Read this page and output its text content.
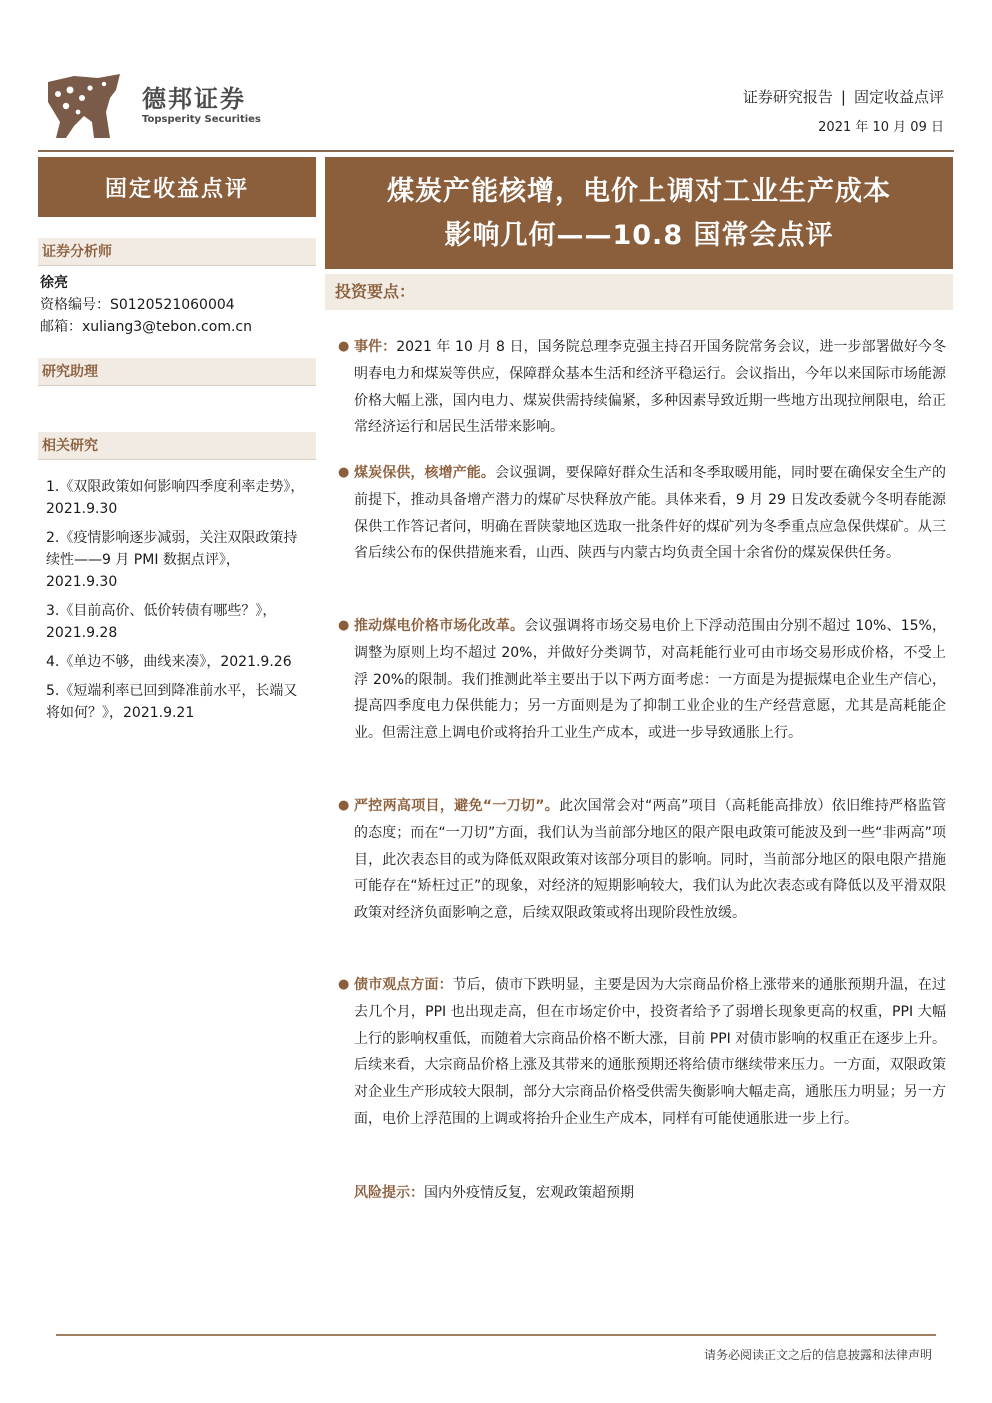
德邦证券
Topsperity Securities
证券研究报告 | 固定收益点评
2021 年 10 月 09 日
固定收益点评
证券分析师
徐亮
资格编号：S0120521060004
邮箱：xuliang3@tebon.com.cn
研究助理
相关研究
1.《双限政策如何影响四季度利率走势》，2021.9.30
2.《疫情影响逐步减弱，关注双限政策持续性——9 月 PMI 数据点评》，2021.9.30
3.《目前高价、低价转债有哪些？》，2021.9.28
4.《单边不够，曲线来凑》，2021.9.26
5.《短端利率已回到降准前水平，长端又将如何？》，2021.9.21
煤炭产能核增，电价上调对工业生产成本
影响几何——10.8 国常会点评
投资要点：
● 事件：2021 年 10 月 8 日，国务院总理李克强主持召开国务院常务会议，进一步部署做好今冬明春电力和煤炭等供应，保障群众基本生活和经济平稳运行。会议指出，今年以来国际市场能源价格大幅上涨，国内电力、煤炭供需持续偏紧，多种因素导致近期一些地方出现拉闸限电，给正常经济运行和居民生活带来影响。
● 煤炭保供，核增产能。会议强调，要保障好群众生活和冬季取暖用能，同时要在确保安全生产的前提下，推动具备增产潜力的煤矿尽快释放产能。具体来看，9 月 29 日发改委就今冬明春能源保供工作答记者问，明确在晋陕蒙地区选取一批条件好的煤矿列为冬季重点应急保供煤矿。从三省后续公布的保供措施来看，山西、陕西与内蒙古均负责全国十余省份的煤炭保供任务。
● 推动煤电价格市场化改革。会议强调将市场交易电价上下浮动范围由分别不超过 10%、15%，调整为原则上均不超过 20%，并做好分类调节，对高耗能行业可由市场交易形成价格，不受上浮 20%的限制。我们推测此举主要出于以下两方面考虑：一方面是为提振煤电企业生产信心，提高四季度电力保供能力；另一方面则是为了抑制工业企业的生产经营意愿，尤其是高耗能企业。但需注意上调电价或将抬升工业生产成本，或进一步导致通胀上行。
● 严控两高项目，避免“一刀切”。此次国常会对“两高”项目（高耗能高排放）依旧维持严格监管的态度；而在“一刀切”方面，我们认为当前部分地区的限产限电政策可能波及到一些“非两高”项目，此次表态目的或为降低双限政策对该部分项目的影响。同时，当前部分地区的限电限产措施可能存在“矫枉过正”的现象，对经济的短期影响较大，我们认为此次表态或有降低以及平滑双限政策对经济负面影响之意，后续双限政策或将出现阶段性放缓。
● 债市观点方面：节后，债市下跌明显，主要是因为大宗商品价格上涨带来的通胀预期升温，在过去几个月，PPI 也出现走高，但在市场定价中，投资者给予了弱增长现象更高的权重，PPI 大幅上行的影响权重低，而随着大宗商品价格不断大涨，目前 PPI 对债市影响的权重正在逐步上升。后续来看，大宗商品价格上涨及其带来的通胀预期还将给债市继续带来压力。一方面，双限政策对企业生产形成较大限制，部分大宗商品价格受供需失衡影响大幅走高，通胀压力明显；另一方面，电价上浮范围的上调或将抬升企业生产成本，同样有可能使通胀进一步上行。
风险提示：国内外疫情反复，宏观政策超预期
请务必阅读正文之后的信息披露和法律声明
